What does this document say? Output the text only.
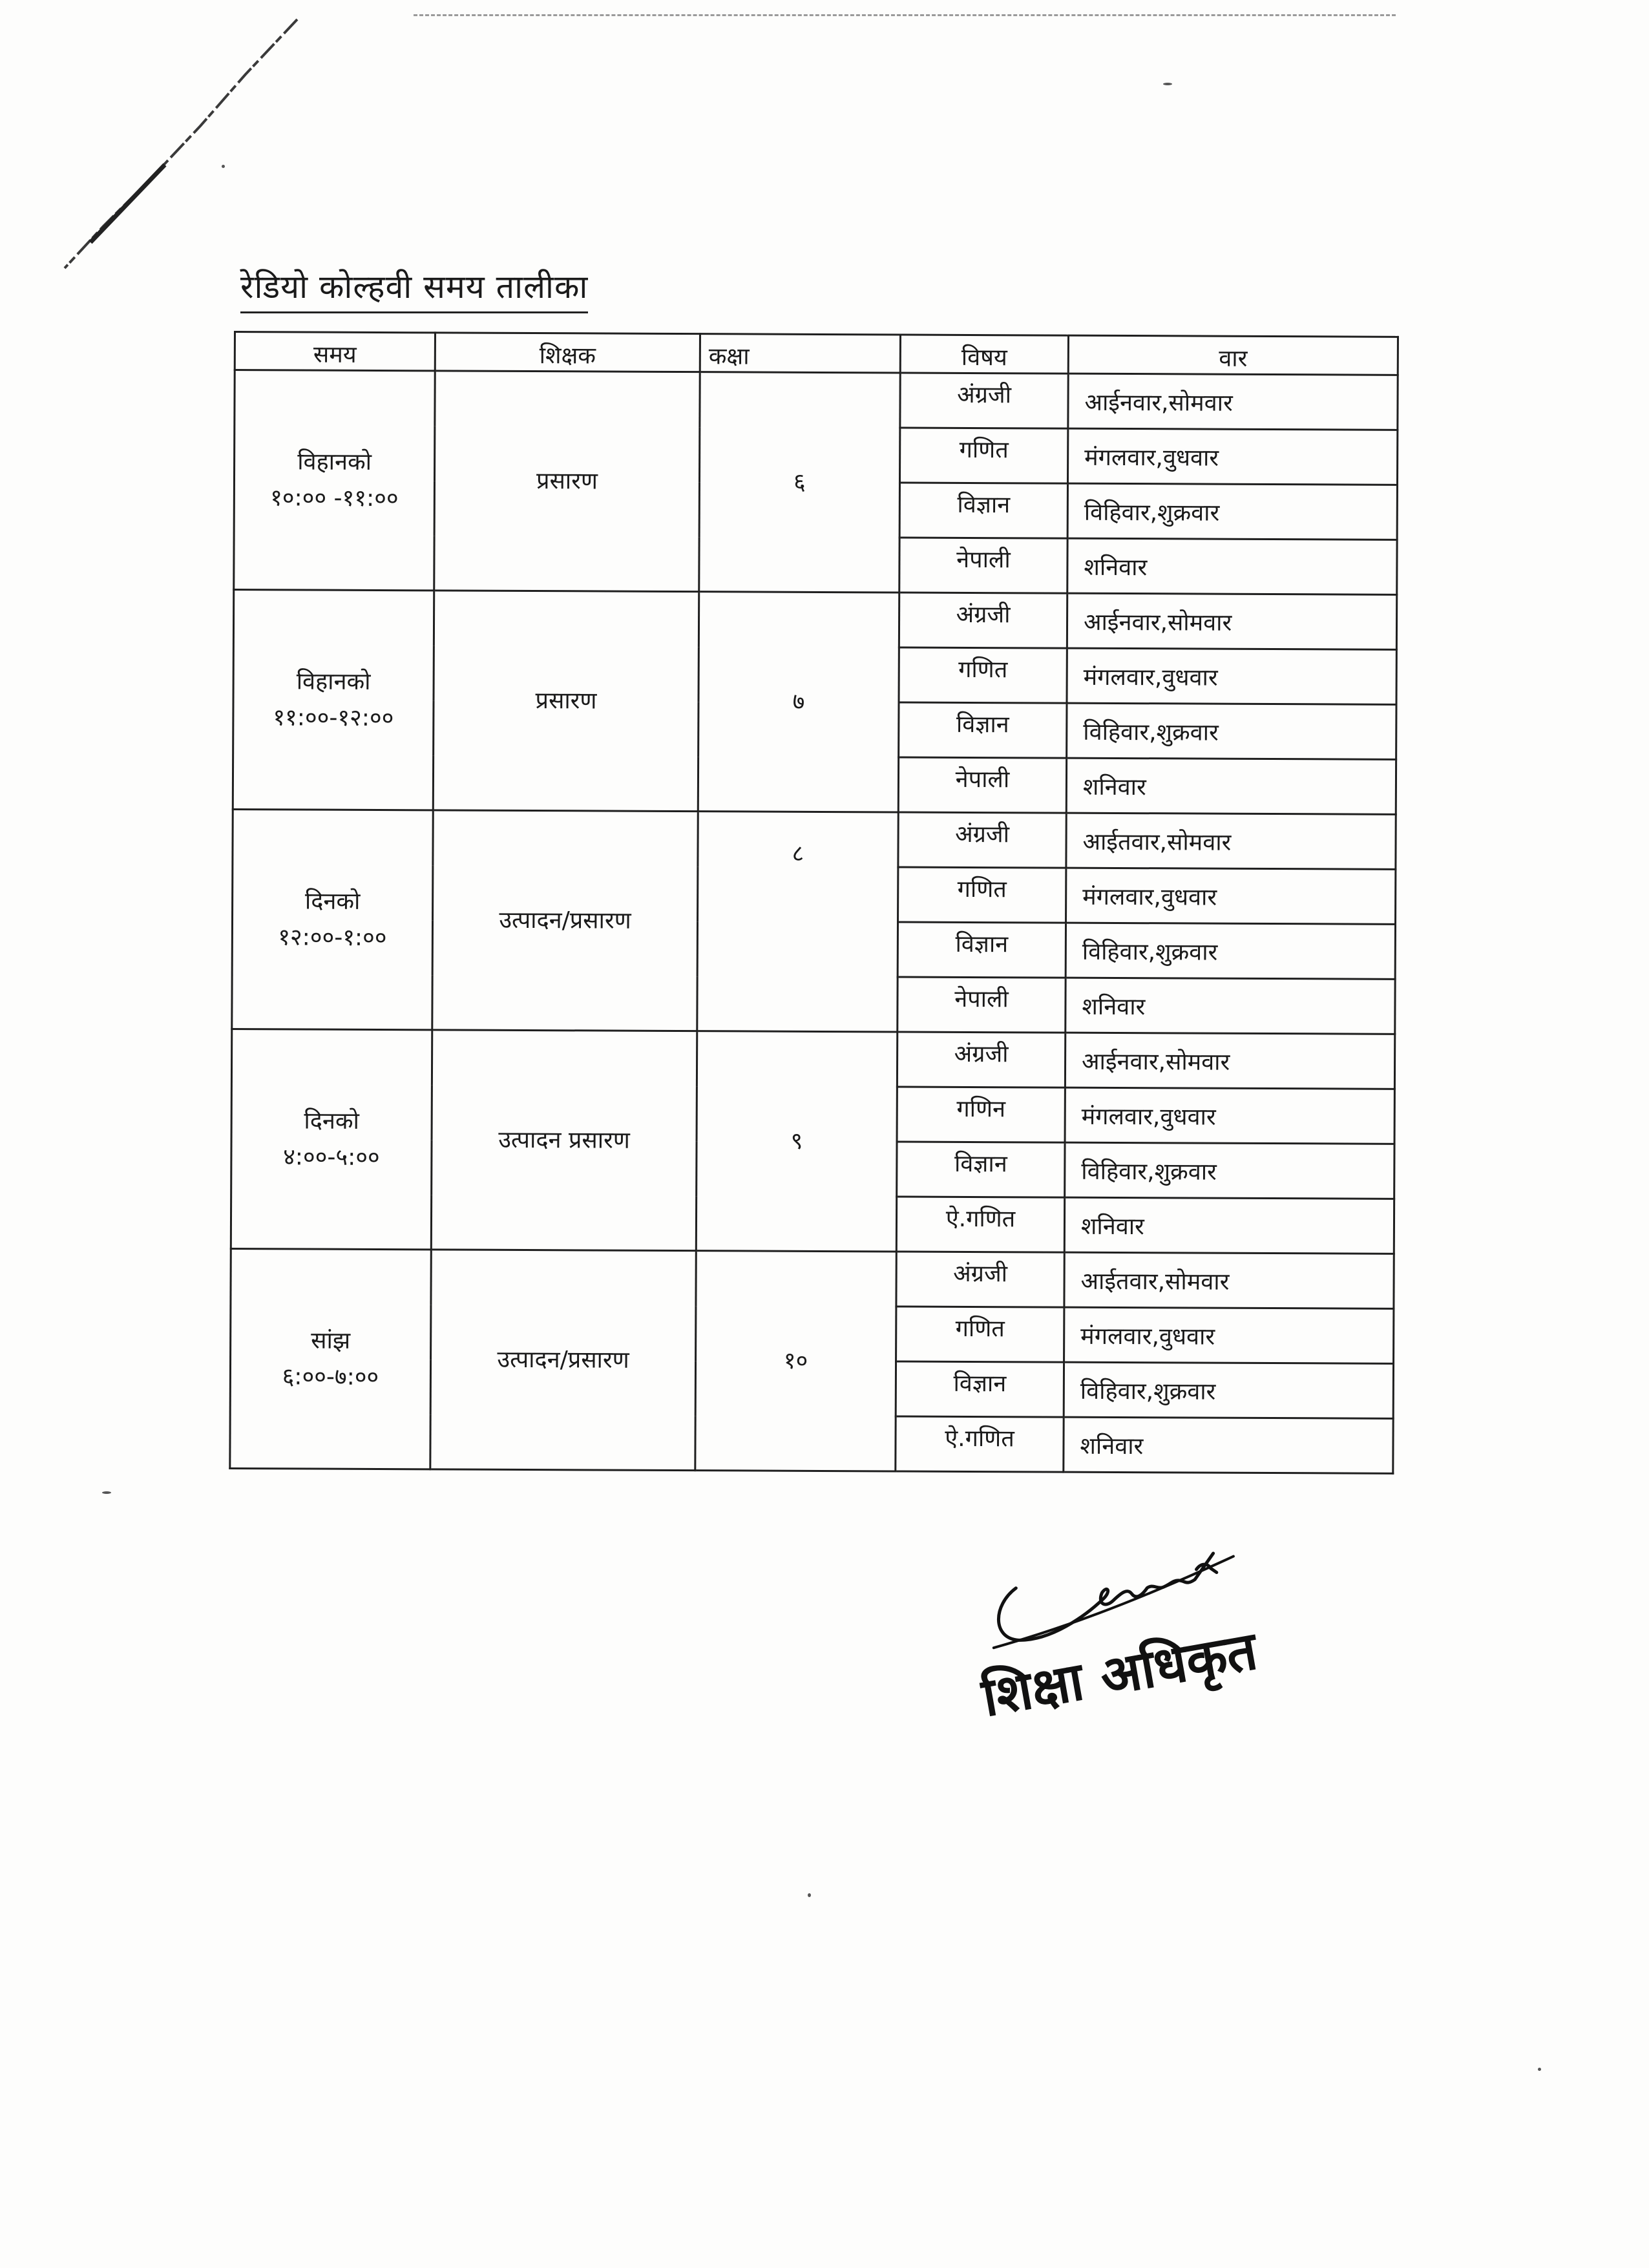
रेडियो कोल्हवी समय तालीका
समय	शिक्षक	कक्षा	विषय	वार

विहानको
१०:०० -११:००	प्रसारण	६	अंग्रजी	आईनवार,सोमवार
			गणित	मंगलवार,वुधवार
			विज्ञान	विहिवार,शुक्रवार
			नेपाली	शनिवार

विहानको
११:००-१२:००	प्रसारण	७	अंग्रजी	आईनवार,सोमवार
			गणित	मंगलवार,वुधवार
			विज्ञान	विहिवार,शुक्रवार
			नेपाली	शनिवार

दिनको
१२:००-१:००	उत्पादन/प्रसारण	८	अंग्रजी	आईतवार,सोमवार
			गणित	मंगलवार,वुधवार
			विज्ञान	विहिवार,शुक्रवार
			नेपाली	शनिवार

दिनको
४:००-५:००	उत्पादन प्रसारण	९	अंग्रजी	आईनवार,सोमवार
			गणिन	मंगलवार,वुधवार
			विज्ञान	विहिवार,शुक्रवार
			ऐ.गणित	शनिवार

सांझ
६:००-७:००	उत्पादन/प्रसारण	१०	अंग्रजी	आईतवार,सोमवार
			गणित	मंगलवार,वुधवार
			विज्ञान	विहिवार,शुक्रवार
			ऐ.गणित	शनिवार
शिक्षा अधिकृत
